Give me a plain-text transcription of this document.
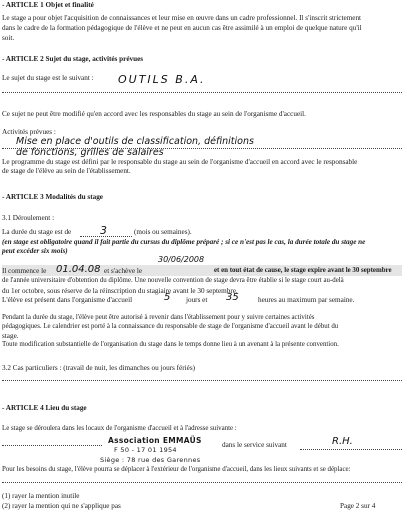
- ARTICLE 1 Objet et finalité
Le stage a pour objet l'acquisition de connaissances et leur mise en œuvre dans un cadre professionnel. Il s'inscrit strictement
dans le cadre de la formation pédagogique de l'élève et ne peut en aucun cas être assimilé à un emploi de quelque nature qu'il
soit.
- ARTICLE 2 Sujet du stage, activités prévues
Le sujet du stage est le suivant : OUTILS B.A.
Ce sujet ne peut être modifié qu'en accord avec les responsables du stage au sein de l'organisme d'accueil.
Activités prévues :
Mise en place d'outils de classification, définitions
de fonctions, grilles de salaires
Le programme du stage est défini par le responsable du stage au sein de l'organisme d'accueil en accord avec le responsable
de stage de l'élève au sein de l'établissement.
- ARTICLE 3 Modalités du stage
3.1 Déroulement :
La durée du stage est de	3	(mois ou semaines).
(en stage est obligatoire quand il fait partie du cursus du diplôme préparé ; si ce n'est pas le cas, la durée totale du stage ne
peut excéder six mois)
Il commence le 01.04.08 et s'achève le
30/06/2008
et en tout état de cause, le stage expire avant le 30 septembre
de l'année universitaire d'obtention du diplôme. Une nouvelle convention de stage devra être établie si le stage court au-delà
du 1er octobre, sous réserve de la réinscription du stagiaire avant le 30 septembre.
L'élève est présent dans l'organisme d'accueil	5 jours et 35	heures au maximum par semaine.
Pendant la durée du stage, l'élève peut être autorisé à revenir dans l'établissement pour y suivre certaines activités
pédagogiques. Le calendrier est porté à la connaissance du responsable de stage de l'organisme d'accueil avant le début du
stage.
Toute modification substantielle de l'organisation du stage dans le temps donne lieu à un avenant à la présente convention.
3.2 Cas particuliers : (travail de nuit, les dimanches ou jours fériés)
- ARTICLE 4 Lieu du stage
Le stage se déroulera dans les locaux de l'organisme d'accueil et à l'adresse suivante :
Association EMMAÜS
F 50 - 17 01 1954
Siège : 78 rue des Garennes
dans le service suivant	R.H.
Pour les besoins du stage, l'élève pourra se déplacer à l'extérieur de l'organisme d'accueil, dans les lieux suivants et se déplace:
(1) rayer la mention inutile
(2) rayer la mention qui ne s'applique pas	Page 2 sur 4
